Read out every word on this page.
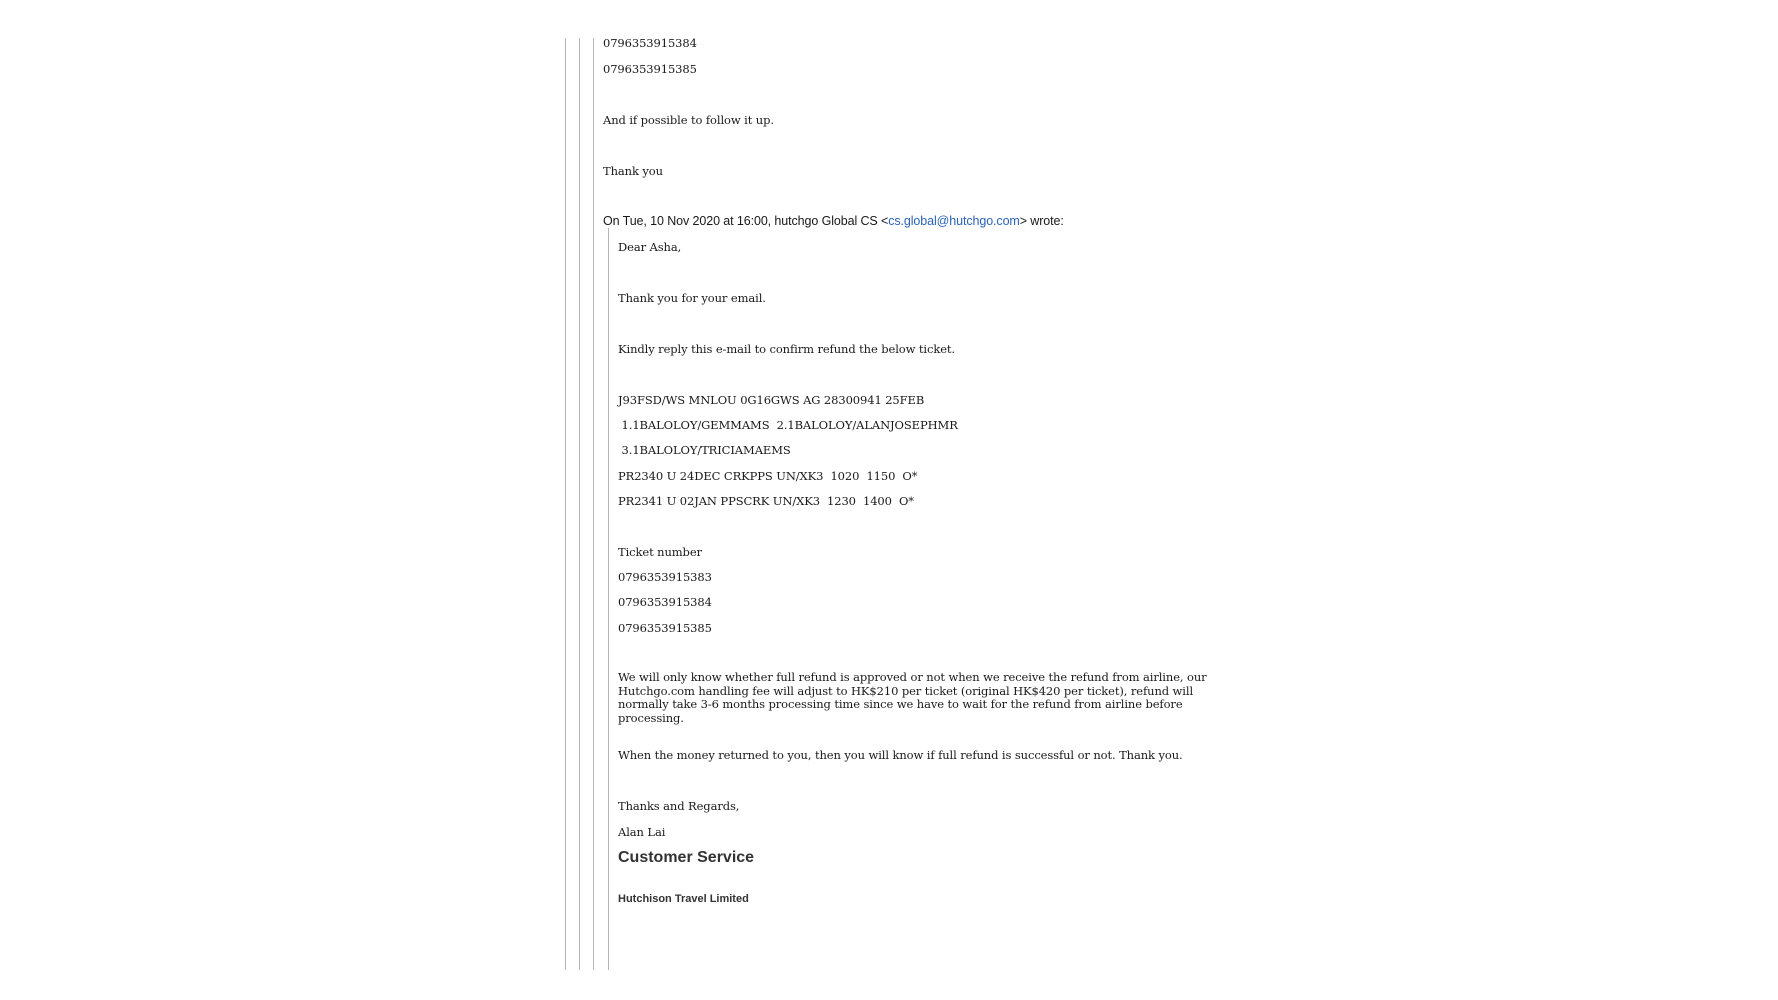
0796353915384
0796353915385
And if possible to follow it up.
Thank you
On Tue, 10 Nov 2020 at 16:00, hutchgo Global CS <cs.global@hutchgo.com> wrote:
Dear Asha,
Thank you for your email.
Kindly reply this e-mail to confirm refund the below ticket.
J93FSD/WS MNLOU 0G16GWS AG 28300941 25FEB
1.1BALOLOY/GEMMAMS  2.1BALOLOY/ALANJOSEPHMR
3.1BALOLOY/TRICIAMAEMS
PR2340 U 24DEC CRKPPS UN/XK3  1020  1150  O*
PR2341 U 02JAN PPSCRK UN/XK3  1230  1400  O*
Ticket number
0796353915383
0796353915384
0796353915385
We will only know whether full refund is approved or not when we receive the refund from airline, our Hutchgo.com handling fee will adjust to HK$210 per ticket (original HK$420 per ticket), refund will normally take 3-6 months processing time since we have to wait for the refund from airline before processing.
When the money returned to you, then you will know if full refund is successful or not. Thank you.
Thanks and Regards,
Alan Lai
Customer Service
Hutchison Travel Limited
